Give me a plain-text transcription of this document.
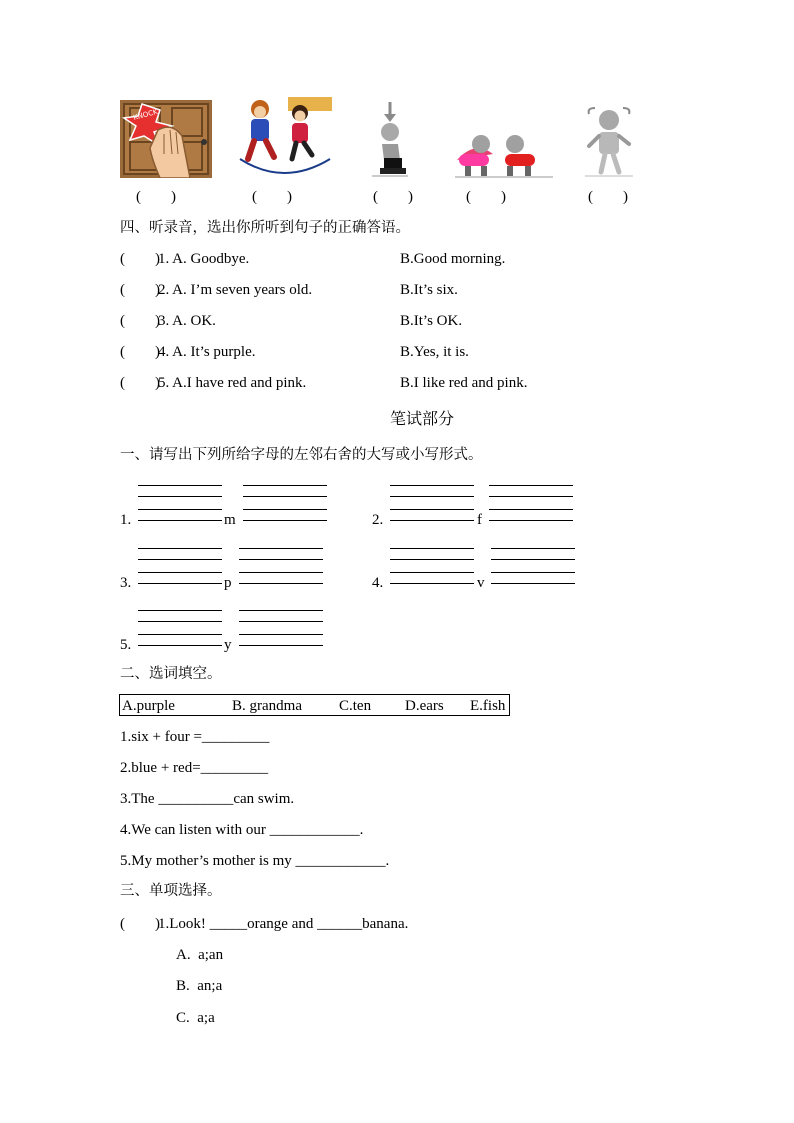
KNOCK
(        )	(        )	(        )	(        )	(        )
四、听录音，选出你所听到句子的正确答语。
(        )
1. A. Goodbye.	B.Good morning.
(        )
2. A. I’m seven years old.	B.It’s six.
(        )
3. A. OK.	B.It’s OK.
(        )
4. A. It’s purple.	B.Yes, it is.
(        )
5. A.I have red and pink.	B.I like red and pink.
笔试部分
一、请写出下列所给字母的左邻右舍的大写或小写形式。
1.	m	2.	f
3.	p	4.	v
5.	y
二、选词填空。
A.purple	B. grandma C.ten D.ears E.fish
1.six + four =_________
2.blue + red=_________
3.The __________can swim.
4.We can listen with our ____________.
5.My mother’s mother is my ____________.
三、单项选择。
(        )
1.Look! _____orange and ______banana.
A.  a;an
B.  an;a
C.  a;a
